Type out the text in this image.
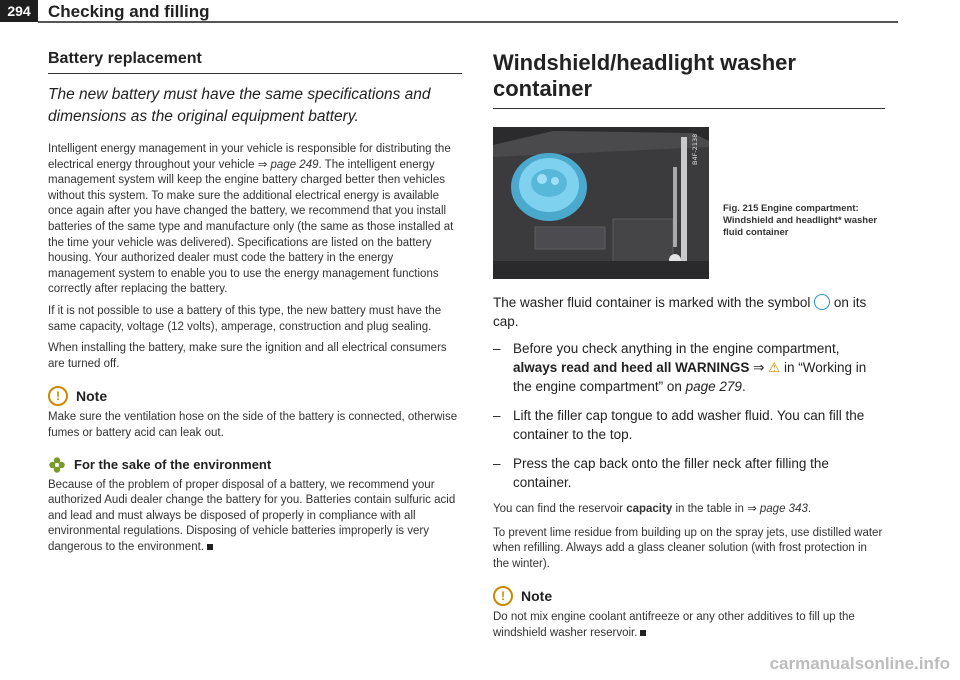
294	Checking and filling
Battery replacement
The new battery must have the same specifications and dimensions as the original equipment battery.

Intelligent energy management in your vehicle is responsible for distributing the electrical energy throughout your vehicle ⇒ page 249. The intelligent energy management system will keep the engine battery charged better then vehicles without this system. To make sure the additional electrical energy is available once again after you have changed the battery, we recommend that you install batteries of the same type and manufacture only (the same as those installed at the time your vehicle was delivered). Specifications are listed on the battery housing. Your authorized dealer must code the battery in the energy management system to enable you to use the energy management functions correctly after replacing the battery.

If it is not possible to use a battery of this type, the new battery must have the same capacity, voltage (12 volts), amperage, construction and plug sealing.

When installing the battery, make sure the ignition and all electrical consumers are turned off.

!	Note

Make sure the ventilation hose on the side of the battery is connected, otherwise fumes or battery acid can leak out.

For the sake of the environment

Because of the problem of proper disposal of a battery, we recommend your authorized Audi dealer change the battery for you. Batteries contain sulfuric acid and lead and must always be disposed of properly in compliance with all environmental regulations. Disposing of vehicle batteries improperly is very dangerous to the environment.

Windshield/headlight washer container
B4F-2138
Fig. 215 Engine compartment: Windshield and headlight* washer fluid container

The washer fluid container is marked with the symbol on its cap.

– Before you check anything in the engine compartment, always read and heed all WARNINGS ⇒ ⚠ in “Working in the engine compartment” on page 279.
– Lift the filler cap tongue to add washer fluid. You can fill the container to the top.
– Press the cap back onto the filler neck after filling the container.

You can find the reservoir capacity in the table in ⇒ page 343.

To prevent lime residue from building up on the spray jets, use distilled water when refilling. Always add a glass cleaner solution (with frost protection in the winter).

!	Note

Do not mix engine coolant antifreeze or any other additives to fill up the windshield washer reservoir.

carmanualsonline.info
